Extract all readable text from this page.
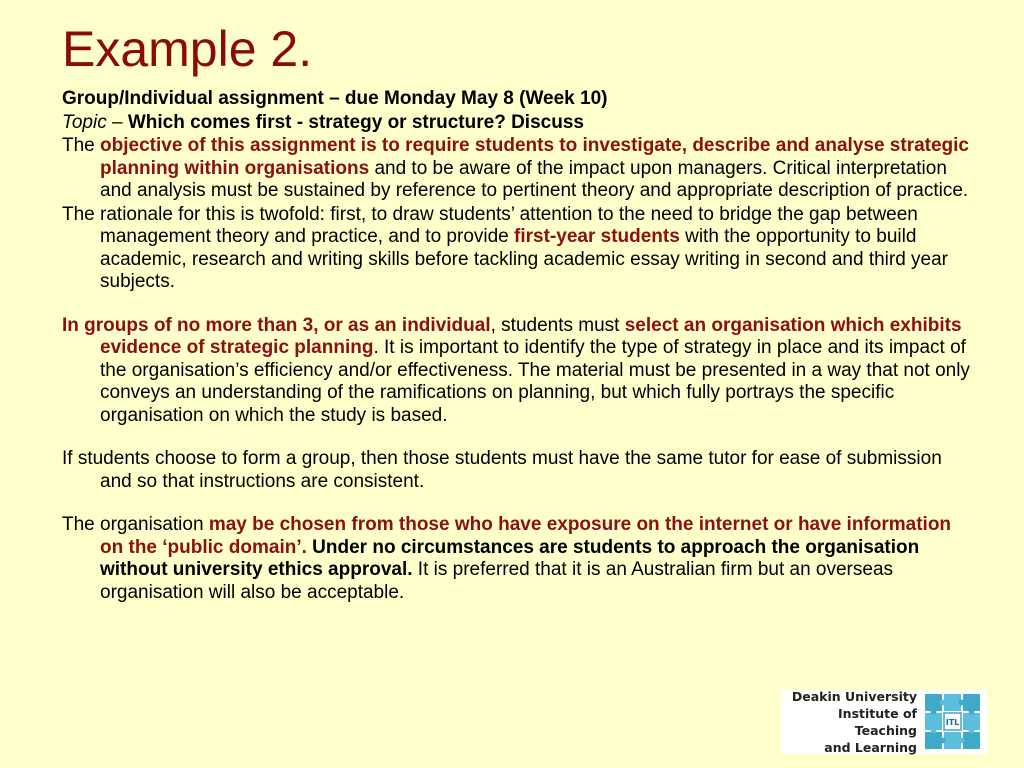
Example 2.

Group/Individual assignment – due Monday May 8 (Week 10)

Topic – Which comes first - strategy or structure? Discuss

The objective of this assignment is to require students to investigate, describe and analyse strategic planning within organisations and to be aware of the impact upon managers. Critical interpretation and analysis must be sustained by reference to pertinent theory and appropriate description of practice.

The rationale for this is twofold: first, to draw students’ attention to the need to bridge the gap between management theory and practice, and to provide first-year students with the opportunity to build academic, research and writing skills before tackling academic essay writing in second and third year subjects.

In groups of no more than 3, or as an individual, students must select an organisation which exhibits evidence of strategic planning. It is important to identify the type of strategy in place and its impact of the organisation’s efficiency and/or effectiveness. The material must be presented in a way that not only conveys an understanding of the ramifications on planning, but which fully portrays the specific organisation on which the study is based.

If students choose to form a group, then those students must have the same tutor for ease of submission and so that instructions are consistent.

The organisation may be chosen from those who have exposure on the internet or have information on the ‘public domain’. Under no circumstances are students to approach the organisation without university ethics approval. It is preferred that it is an Australian firm but an overseas organisation will also be acceptable.

Deakin University
Institute of Teaching
and Learning
ITL
